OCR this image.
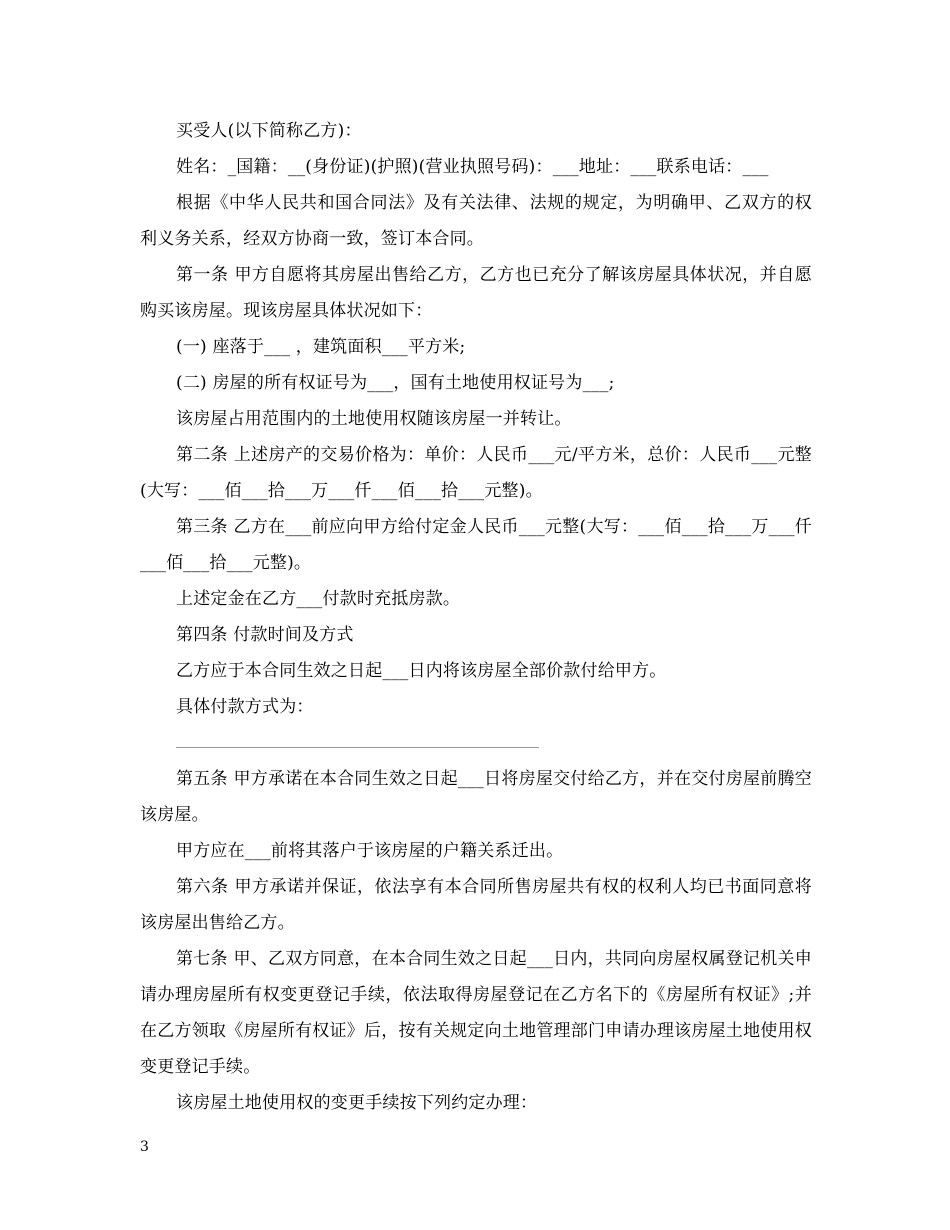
买受人(以下简称乙方)：

姓名：_国籍：__(身份证)(护照)(营业执照号码)：___地址：___联系电话：___

根据《中华人民共和国合同法》及有关法律、法规的规定，为明确甲、乙双方的权利义务关系，经双方协商一致，签订本合同。

第一条 甲方自愿将其房屋出售给乙方，乙方也已充分了解该房屋具体状况，并自愿购买该房屋。现该房屋具体状况如下：

(一) 座落于___ ，建筑面积___平方米;

(二) 房屋的所有权证号为___，国有土地使用权证号为___;

该房屋占用范围内的土地使用权随该房屋一并转让。

第二条 上述房产的交易价格为：单价：人民币___元/平方米，总价：人民币___元整(大写：___佰___拾___万___仟___佰___拾___元整)。

第三条 乙方在___前应向甲方给付定金人民币___元整(大写：___佰___拾___万___仟___佰___拾___元整)。

上述定金在乙方___付款时充抵房款。

第四条 付款时间及方式

乙方应于本合同生效之日起___日内将该房屋全部价款付给甲方。

具体付款方式为：

第五条 甲方承诺在本合同生效之日起___日将房屋交付给乙方，并在交付房屋前腾空该房屋。

甲方应在___前将其落户于该房屋的户籍关系迁出。

第六条 甲方承诺并保证，依法享有本合同所售房屋共有权的权利人均已书面同意将该房屋出售给乙方。

第七条 甲、乙双方同意，在本合同生效之日起___日内，共同向房屋权属登记机关申请办理房屋所有权变更登记手续，依法取得房屋登记在乙方名下的《房屋所有权证》;并在乙方领取《房屋所有权证》后，按有关规定向土地管理部门申请办理该房屋土地使用权变更登记手续。

该房屋土地使用权的变更手续按下列约定办理：

3
